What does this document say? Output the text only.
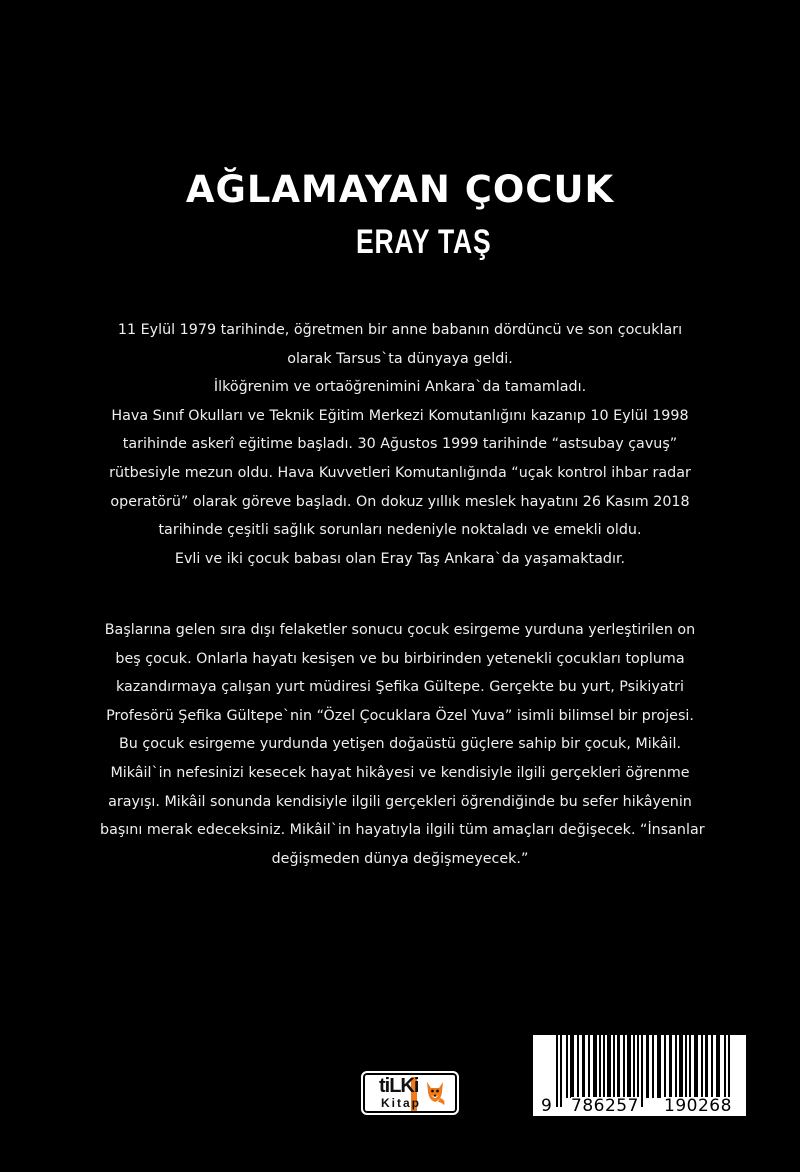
AĞLAMAYAN ÇOCUK
ERAY TAŞ
11 Eylül 1979 tarihinde, öğretmen bir anne babanın dördüncü ve son çocukları
olarak Tarsus`ta dünyaya geldi.
İlköğrenim ve ortaöğrenimini Ankara`da tamamladı.
Hava Sınıf Okulları ve Teknik Eğitim Merkezi Komutanlığını kazanıp 10 Eylül 1998
tarihinde askerî eğitime başladı. 30 Ağustos 1999 tarihinde “astsubay çavuş”
rütbesiyle mezun oldu. Hava Kuvvetleri Komutanlığında “uçak kontrol ihbar radar
operatörü” olarak göreve başladı. On dokuz yıllık meslek hayatını 26 Kasım 2018
tarihinde çeşitli sağlık sorunları nedeniyle noktaladı ve emekli oldu.
Evli ve iki çocuk babası olan Eray Taş Ankara`da yaşamaktadır.
Başlarına gelen sıra dışı felaketler sonucu çocuk esirgeme yurduna yerleştirilen on
beş çocuk. Onlarla hayatı kesişen ve bu birbirinden yetenekli çocukları topluma
kazandırmaya çalışan yurt müdiresi Şefika Gültepe. Gerçekte bu yurt, Psikiyatri
Profesörü Şefika Gültepe`nin “Özel Çocuklara Özel Yuva” isimli bilimsel bir projesi.
Bu çocuk esirgeme yurdunda yetişen doğaüstü güçlere sahip bir çocuk, Mikâil.
Mikâil`in nefesinizi kesecek hayat hikâyesi ve kendisiyle ilgili gerçekleri öğrenme
arayışı. Mikâil sonunda kendisiyle ilgili gerçekleri öğrendiğinde bu sefer hikâyenin
başını merak edeceksiniz. Mikâil`in hayatıyla ilgili tüm amaçları değişecek. “İnsanlar
değişmeden dünya değişmeyecek.”
tiLKi
Kitap	9 786257 190268
